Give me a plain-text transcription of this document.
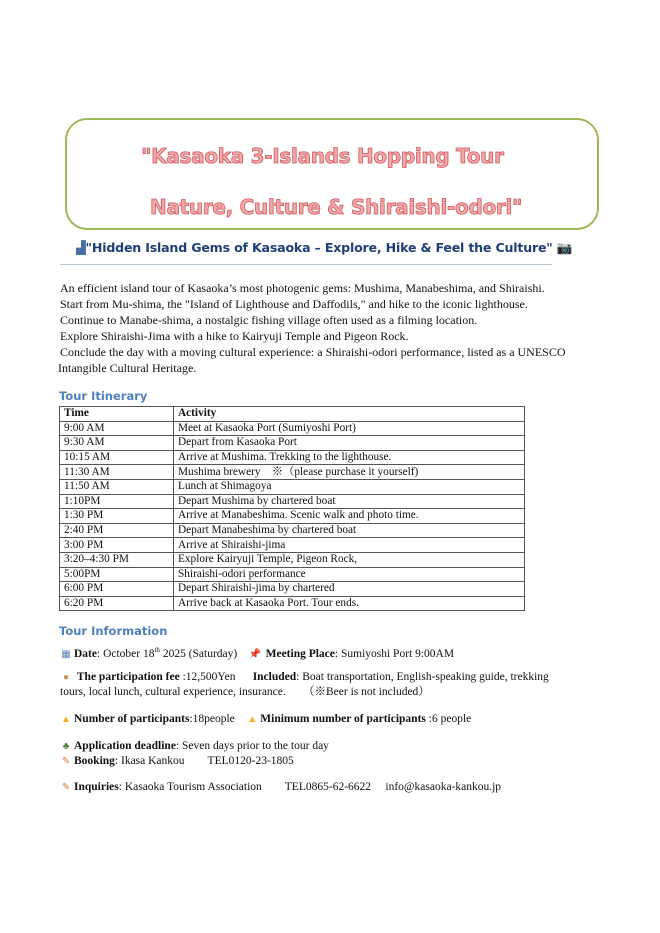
"Kasaoka 3-Islands Hopping Tour
Nature, Culture & Shiraishi-odori"
▟"Hidden Island Gems of Kasaoka – Explore, Hike & Feel the Culture" 📷
An efficient island tour of Kasaoka’s most photogenic gems: Mushima, Manabeshima, and Shiraishi.
Start from Mu-shima, the "Island of Lighthouse and Daffodils," and hike to the iconic lighthouse.
Continue to Manabe-shima, a nostalgic fishing village often used as a filming location.
Explore Shiraishi-Jima with a hike to Kairyuji Temple and Pigeon Rock.
Conclude the day with a moving cultural experience: a Shiraishi-odori performance, listed as a UNESCO
Intangible Cultural Heritage.
Tour Itinerary
Time	Activity
9:00 AM	Meet at Kasaoka Port (Sumiyoshi Port)
9:30 AM	Depart from Kasaoka Port
10:15 AM	Arrive at Mushima. Trekking to the lighthouse.
11:30 AM	Mushima brewery　※（please purchase it yourself)
11:50 AM	Lunch at Shimagoya
1:10PM	Depart Mushima by chartered boat
1:30 PM	Arrive at Manabeshima. Scenic walk and photo time.
2:40 PM	Depart Manabeshima by chartered boat
3:00 PM	Arrive at Shiraishi-jima
3:20–4:30 PM	Explore Kairyuji Temple, Pigeon Rock,
5:00PM	Shiraishi-odori performance
6:00 PM	Depart Shiraishi-jima by chartered
6:20 PM	Arrive back at Kasaoka Port. Tour ends.
Tour Information
▦ Date: October 18th 2025 (Saturday) 📌 Meeting Place: Sumiyoshi Port 9:00AM
● The participation fee :12,500Yen Included: Boat transportation, English-speaking guide, trekking
tours, local lunch, cultural experience, insurance.　　（※Beer is not included）
▲ Number of participants:18people ▲ Minimum number of participants :6 people
♣ Application deadline: Seven days prior to the tour day
✎ Booking: Ikasa Kankou　　TEL0120-23-1805
✎ Inquiries: Kasaoka Tourism Association　　TEL0865-62-6622　 info@kasaoka-kankou.jp
